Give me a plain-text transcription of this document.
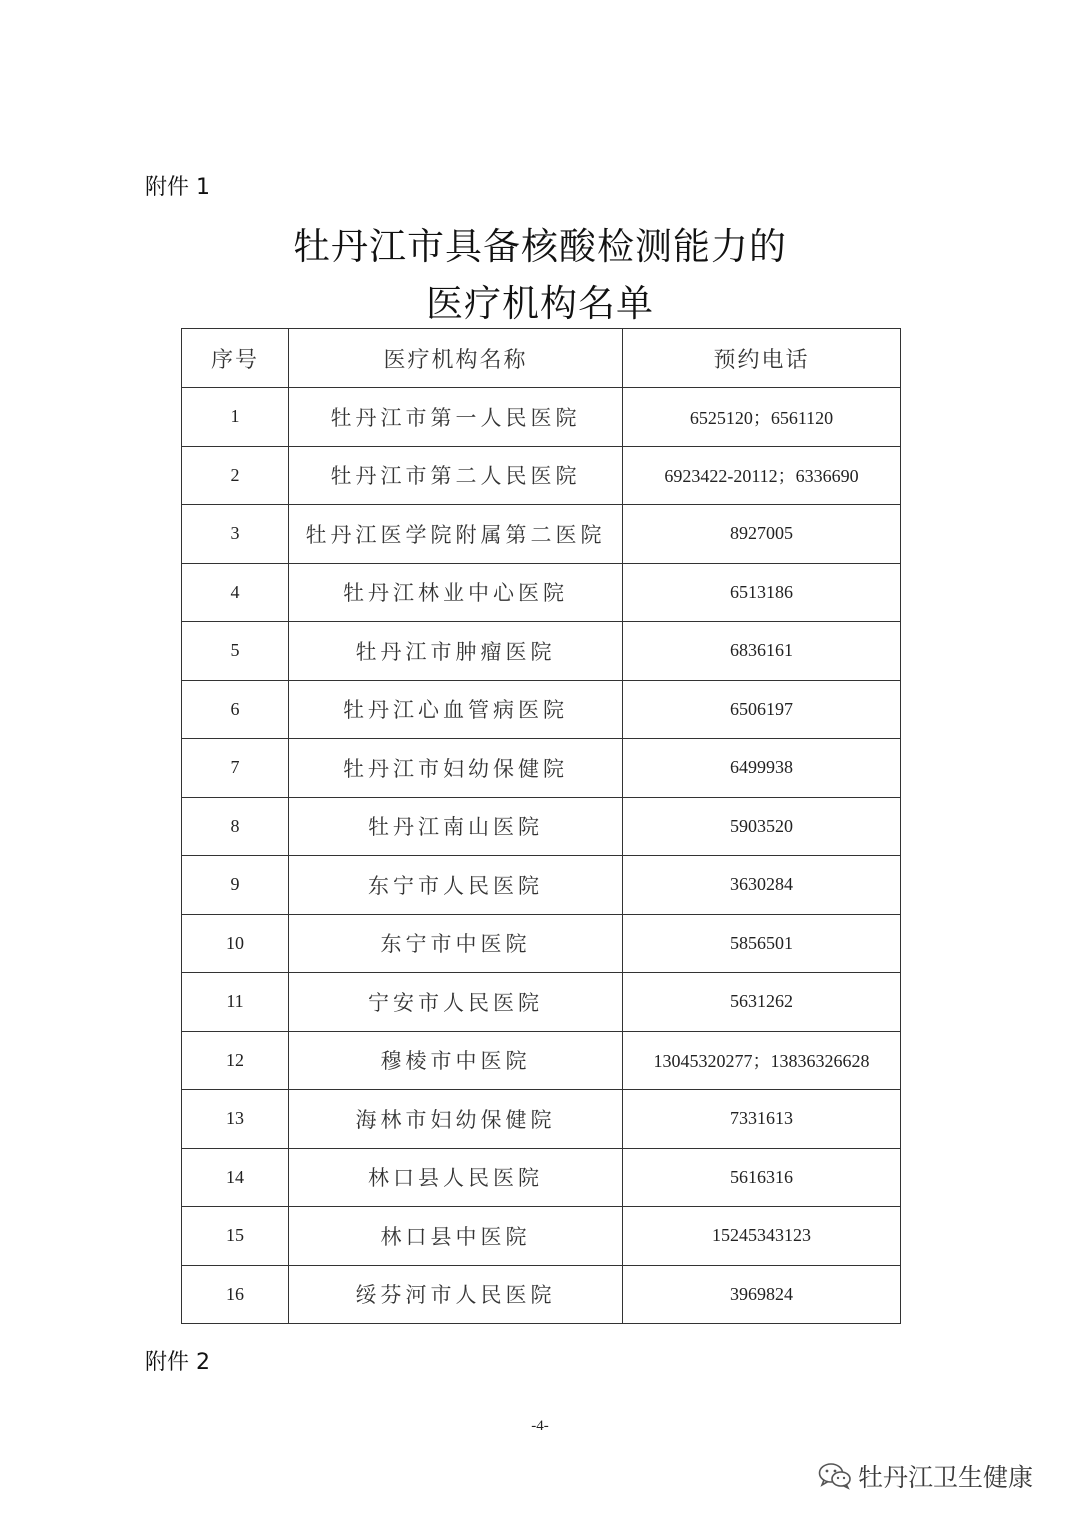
附件 1
牡丹江市具备核酸检测能力的
医疗机构名单
序号	医疗机构名称	预约电话
1	牡丹江市第一人民医院	6525120；6561120
2	牡丹江市第二人民医院	6923422-20112；6336690
3	牡丹江医学院附属第二医院	8927005
4	牡丹江林业中心医院	6513186
5	牡丹江市肿瘤医院	6836161
6	牡丹江心血管病医院	6506197
7	牡丹江市妇幼保健院	6499938
8	牡丹江南山医院	5903520
9	东宁市人民医院	3630284
10	东宁市中医院	5856501
11	宁安市人民医院	5631262
12	穆棱市中医院	13045320277；13836326628
13	海林市妇幼保健院	7331613
14	林口县人民医院	5616316
15	林口县中医院	15245343123
16	绥芬河市人民医院	3969824
附件 2
-4-
牡丹江卫生健康
